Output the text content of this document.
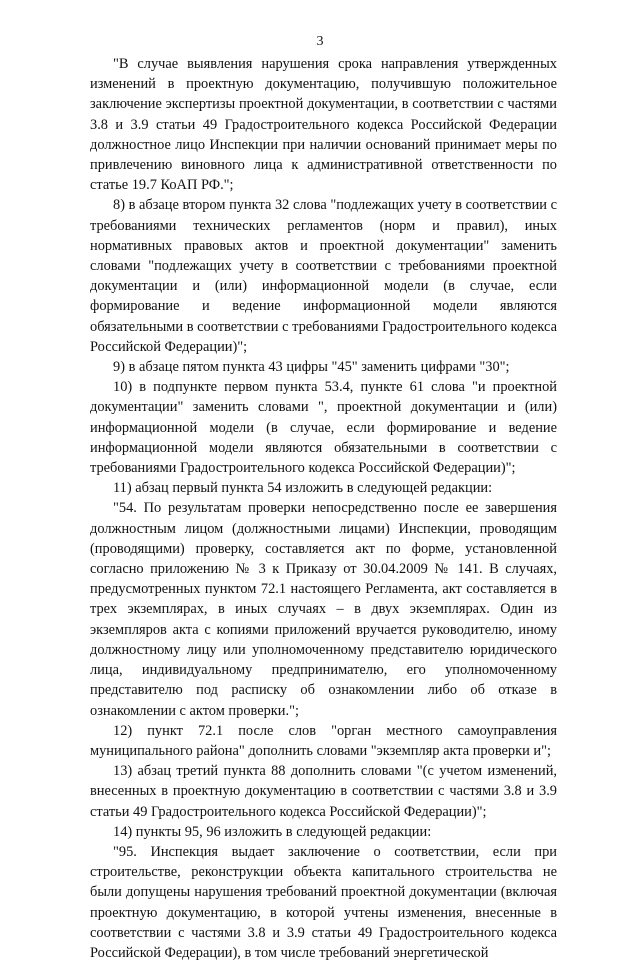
3

"В случае выявления нарушения срока направления утвержденных изменений в проектную документацию, получившую положительное заключение экспертизы проектной документации, в соответствии с частями 3.8 и 3.9 статьи 49 Градостроительного кодекса Российской Федерации должностное лицо Инспекции при наличии оснований принимает меры по привлечению виновного лица к административной ответственности по статье 19.7 КоАП РФ.";

8) в абзаце втором пункта 32 слова "подлежащих учету в соответствии с требованиями технических регламентов (норм и правил), иных нормативных правовых актов и проектной документации" заменить словами "подлежащих учету в соответствии с требованиями проектной документации и (или) информационной модели (в случае, если формирование и ведение информационной модели являются обязательными в соответствии с требованиями Градостроительного кодекса Российской Федерации)";

9) в абзаце пятом пункта 43 цифры "45" заменить цифрами "30";

10) в подпункте первом пункта 53.4, пункте 61 слова "и проектной документации" заменить словами ", проектной документации и (или) информационной модели (в случае, если формирование и ведение информационной модели являются обязательными в соответствии с требованиями Градостроительного кодекса Российской Федерации)";

11) абзац первый пункта 54 изложить в следующей редакции:

"54. По результатам проверки непосредственно после ее завершения должностным лицом (должностными лицами) Инспекции, проводящим (проводящими) проверку, составляется акт по форме, установленной согласно приложению № 3 к Приказу от 30.04.2009 № 141. В случаях, предусмотренных пунктом 72.1 настоящего Регламента, акт составляется в трех экземплярах, в иных случаях – в двух экземплярах. Один из экземпляров акта с копиями приложений вручается руководителю, иному должностному лицу или уполномоченному представителю юридического лица, индивидуальному предпринимателю, его уполномоченному представителю под расписку об ознакомлении либо об отказе в ознакомлении с актом проверки.";

12) пункт 72.1 после слов "орган местного самоуправления муниципального района" дополнить словами "экземпляр акта проверки и";

13) абзац третий пункта 88 дополнить словами "(с учетом изменений, внесенных в проектную документацию в соответствии с частями 3.8 и 3.9 статьи 49 Градостроительного кодекса Российской Федерации)";

14) пункты 95, 96 изложить в следующей редакции:

"95. Инспекция выдает заключение о соответствии, если при строительстве, реконструкции объекта капитального строительства не были допущены нарушения требований проектной документации (включая проектную документацию, в которой учтены изменения, внесенные в соответствии с частями 3.8 и 3.9 статьи 49 Градостроительного кодекса Российской Федерации), в том числе требований энергетической
